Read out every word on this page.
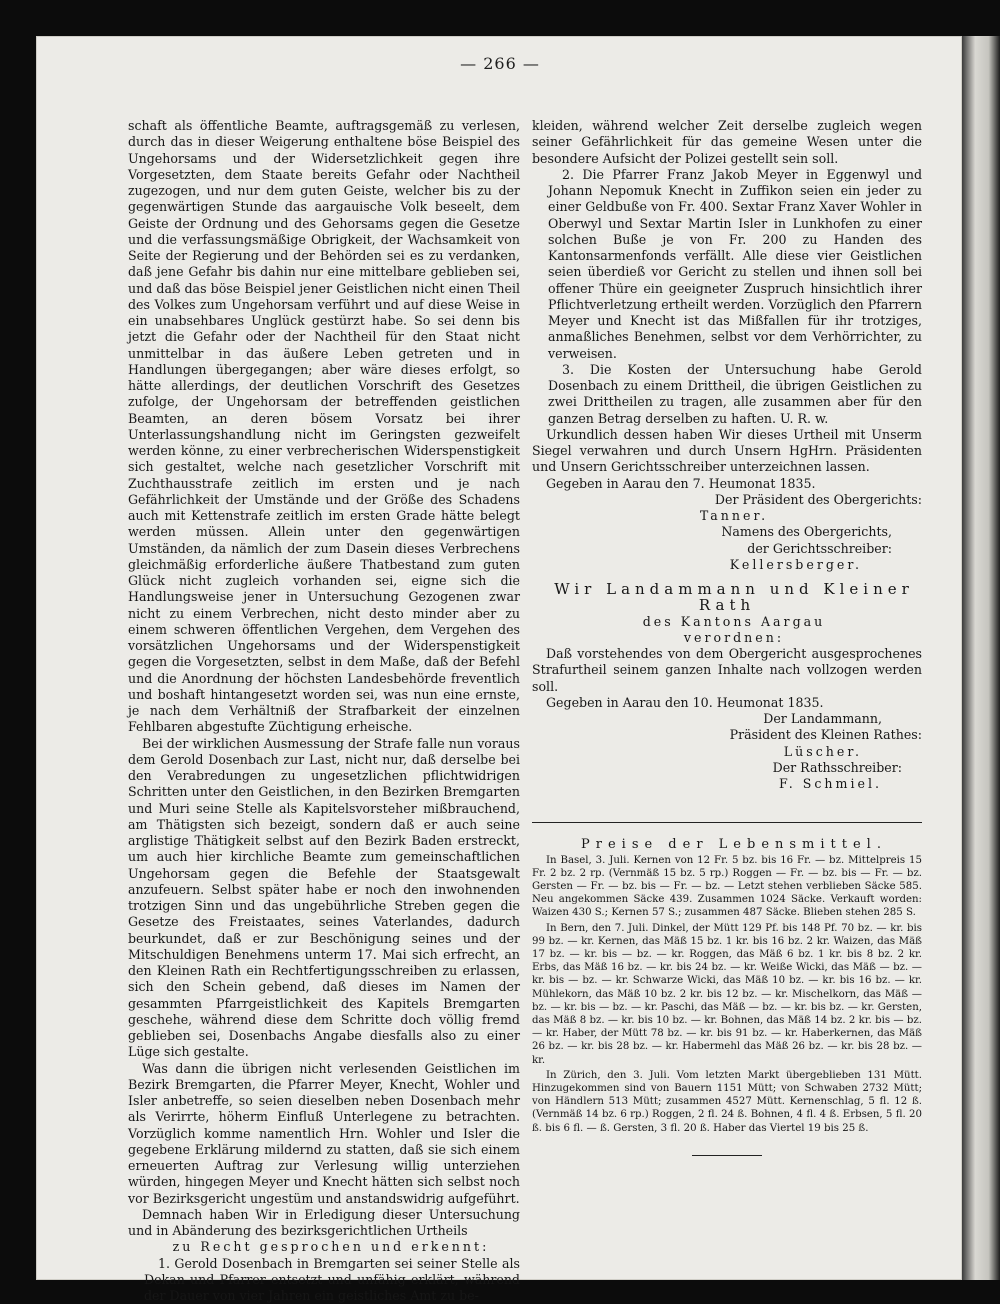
— 266 —

schaft als öffentliche Beamte, auftragsgemäß zu verlesen, durch das in dieser Weigerung enthaltene böse Beispiel des Ungehorsams und der Widersetzlichkeit gegen ihre Vorgesetzten, dem Staate bereits Gefahr oder Nachtheil zugezogen, und nur dem guten Geiste, welcher bis zu der gegenwärtigen Stunde das aargauische Volk beseelt, dem Geiste der Ordnung und des Gehorsams gegen die Gesetze und die verfassungsmäßige Obrigkeit, der Wachsamkeit von Seite der Regierung und der Behörden sei es zu verdanken, daß jene Gefahr bis dahin nur eine mittelbare geblieben sei, und daß das böse Beispiel jener Geistlichen nicht einen Theil des Volkes zum Ungehorsam verführt und auf diese Weise in ein unabsehbares Unglück gestürzt habe. So sei denn bis jetzt die Gefahr oder der Nachtheil für den Staat nicht unmittelbar in das äußere Leben getreten und in Handlungen übergegangen; aber wäre dieses erfolgt, so hätte allerdings, der deutlichen Vorschrift des Gesetzes zufolge, der Ungehorsam der betreffenden geistlichen Beamten, an deren bösem Vorsatz bei ihrer Unterlassungshandlung nicht im Geringsten gezweifelt werden könne, zu einer verbrecherischen Widerspenstigkeit sich gestaltet, welche nach gesetzlicher Vorschrift mit Zuchthausstrafe zeitlich im ersten und je nach Gefährlichkeit der Umstände und der Größe des Schadens auch mit Kettenstrafe zeitlich im ersten Grade hätte belegt werden müssen. Allein unter den gegenwärtigen Umständen, da nämlich der zum Dasein dieses Verbrechens gleichmäßig erforderliche äußere Thatbestand zum guten Glück nicht zugleich vorhanden sei, eigne sich die Handlungsweise jener in Untersuchung Gezogenen zwar nicht zu einem Verbrechen, nicht desto minder aber zu einem schweren öffentlichen Vergehen, dem Vergehen des vorsätzlichen Ungehorsams und der Widerspenstigkeit gegen die Vorgesetzten, selbst in dem Maße, daß der Befehl und die Anordnung der höchsten Landesbehörde freventlich und boshaft hintangesetzt worden sei, was nun eine ernste, je nach dem Verhältniß der Strafbarkeit der einzelnen Fehlbaren abgestufte Züchtigung erheische.

Bei der wirklichen Ausmessung der Strafe falle nun voraus dem Gerold Dosenbach zur Last, nicht nur, daß derselbe bei den Verabredungen zu ungesetzlichen pflichtwidrigen Schritten unter den Geistlichen, in den Bezirken Bremgarten und Muri seine Stelle als Kapitelsvorsteher mißbrauchend, am Thätigsten sich bezeigt, sondern daß er auch seine arglistige Thätigkeit selbst auf den Bezirk Baden erstreckt, um auch hier kirchliche Beamte zum gemeinschaftlichen Ungehorsam gegen die Befehle der Staatsgewalt anzufeuern. Selbst später habe er noch den inwohnenden trotzigen Sinn und das ungebührliche Streben gegen die Gesetze des Freistaates, seines Vaterlandes, dadurch beurkundet, daß er zur Beschönigung seines und der Mitschuldigen Benehmens unterm 17. Mai sich erfrecht, an den Kleinen Rath ein Rechtfertigungsschreiben zu erlassen, sich den Schein gebend, daß dieses im Namen der gesammten Pfarrgeistlichkeit des Kapitels Bremgarten geschehe, während diese dem Schritte doch völlig fremd geblieben sei, Dosenbachs Angabe diesfalls also zu einer Lüge sich gestalte.

Was dann die übrigen nicht verlesenden Geistlichen im Bezirk Bremgarten, die Pfarrer Meyer, Knecht, Wohler und Isler anbetreffe, so seien dieselben neben Dosenbach mehr als Verirrte, höherm Einfluß Unterlegene zu betrachten. Vorzüglich komme namentlich Hrn. Wohler und Isler die gegebene Erklärung mildernd zu statten, daß sie sich einem erneuerten Auftrag zur Verlesung willig unterziehen würden, hingegen Meyer und Knecht hätten sich selbst noch vor Bezirksgericht ungestüm und anstandswidrig aufgeführt.

Demnach haben Wir in Erledigung dieser Untersuchung und in Abänderung des bezirksgerichtlichen Urtheils

zu Recht gesprochen und erkennt:

1. Gerold Dosenbach in Bremgarten sei seiner Stelle als Dekan und Pfarrer entsetzt und unfähig erklärt, während der Dauer von vier Jahren ein geistliches Amt zu be-

kleiden, während welcher Zeit derselbe zugleich wegen seiner Gefährlichkeit für das gemeine Wesen unter die besondere Aufsicht der Polizei gestellt sein soll.

2. Die Pfarrer Franz Jakob Meyer in Eggenwyl und Johann Nepomuk Knecht in Zuffikon seien ein jeder zu einer Geldbuße von Fr. 400. Sextar Franz Xaver Wohler in Oberwyl und Sextar Martin Isler in Lunkhofen zu einer solchen Buße je von Fr. 200 zu Handen des Kantonsarmenfonds verfällt. Alle diese vier Geistlichen seien überdieß vor Gericht zu stellen und ihnen soll bei offener Thüre ein geeigneter Zuspruch hinsichtlich ihrer Pflichtverletzung ertheilt werden. Vorzüglich den Pfarrern Meyer und Knecht ist das Mißfallen für ihr trotziges, anmaßliches Benehmen, selbst vor dem Verhörrichter, zu verweisen.

3. Die Kosten der Untersuchung habe Gerold Dosenbach zu einem Drittheil, die übrigen Geistlichen zu zwei Drittheilen zu tragen, alle zusammen aber für den ganzen Betrag derselben zu haften. U. R. w.

Urkundlich dessen haben Wir dieses Urtheil mit Unserm Siegel verwahren und durch Unsern HgHrn. Präsidenten und Unsern Gerichtsschreiber unterzeichnen lassen.

Gegeben in Aarau den 7. Heumonat 1835.

Der Präsident des Obergerichts:

Tanner.

Namens des Obergerichts,

der Gerichtsschreiber:

Kellersberger.

Wir Landammann und Kleiner Rath

des Kantons Aargau

verordnen:

Daß vorstehendes von dem Obergericht ausgesprochenes Strafurtheil seinem ganzen Inhalte nach vollzogen werden soll.

Gegeben in Aarau den 10. Heumonat 1835.

Der Landammann,

Präsident des Kleinen Rathes:

Lüscher.

Der Rathsschreiber:

F. Schmiel.

Preise der Lebensmittel.

In Basel, 3. Juli. Kernen von 12 Fr. 5 bz. bis 16 Fr. — bz. Mittelpreis 15 Fr. 2 bz. 2 rp. (Vernmäß 15 bz. 5 rp.) Roggen — Fr. — bz. bis — Fr. — bz. Gersten — Fr. — bz. bis — Fr. — bz. — Letzt stehen verblieben Säcke 585. Neu angekommen Säcke 439. Zusammen 1024 Säcke. Verkauft worden: Waizen 430 S.; Kernen 57 S.; zusammen 487 Säcke. Blieben stehen 285 S.

In Bern, den 7. Juli. Dinkel, der Mütt 129 Pf. bis 148 Pf. 70 bz. — kr. bis 99 bz. — kr. Kernen, das Mäß 15 bz. 1 kr. bis 16 bz. 2 kr. Waizen, das Mäß 17 bz. — kr. bis — bz. — kr. Roggen, das Mäß 6 bz. 1 kr. bis 8 bz. 2 kr. Erbs, das Mäß 16 bz. — kr. bis 24 bz. — kr. Weiße Wicki, das Mäß — bz. — kr. bis — bz. — kr. Schwarze Wicki, das Mäß 10 bz. — kr. bis 16 bz. — kr. Mühlekorn, das Mäß 10 bz. 2 kr. bis 12 bz. — kr. Mischelkorn, das Mäß — bz. — kr. bis — bz. — kr. Paschi, das Mäß — bz. — kr. bis bz. — kr. Gersten, das Mäß 8 bz. — kr. bis 10 bz. — kr. Bohnen, das Mäß 14 bz. 2 kr. bis — bz. — kr. Haber, der Mütt 78 bz. — kr. bis 91 bz. — kr. Haberkernen, das Mäß 26 bz. — kr. bis 28 bz. — kr. Habermehl das Mäß 26 bz. — kr. bis 28 bz. — kr.

In Zürich, den 3. Juli. Vom letzten Markt übergeblieben 131 Mütt. Hinzugekommen sind von Bauern 1151 Mütt; von Schwaben 2732 Mütt; von Händlern 513 Mütt; zusammen 4527 Mütt. Kernenschlag, 5 fl. 12 ß. (Vernmäß 14 bz. 6 rp.) Roggen, 2 fl. 24 ß. Bohnen, 4 fl. 4 ß. Erbsen, 5 fl. 20 ß. bis 6 fl. — ß. Gersten, 3 fl. 20 ß. Haber das Viertel 19 bis 25 ß.
